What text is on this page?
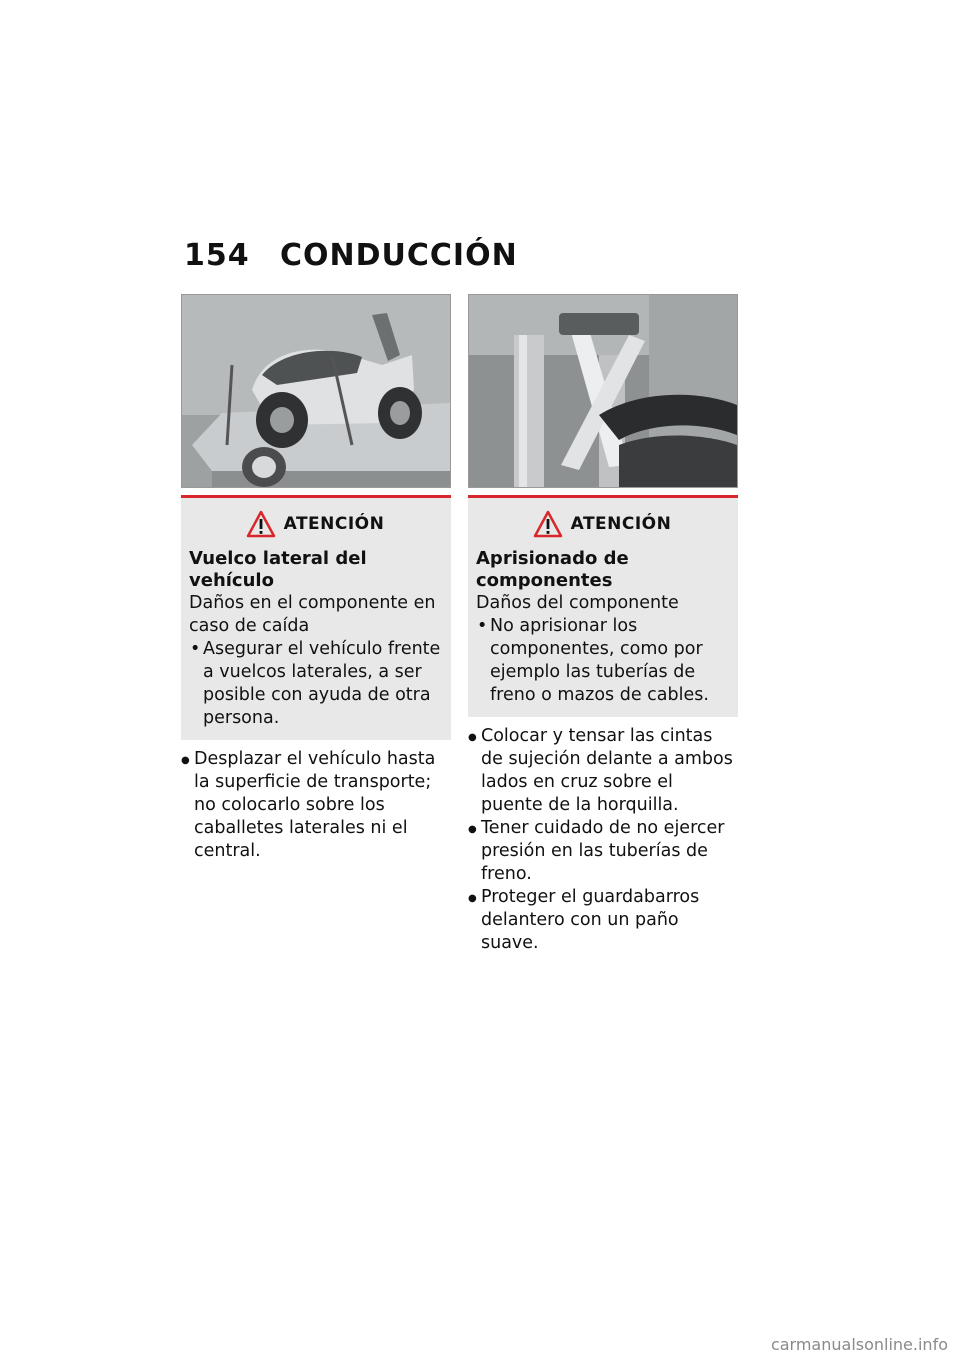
154 CONDUCCIÓN
ATENCIÓN
Vuelco lateral del vehículo
Daños en el componente en caso de caída
• Asegurar el vehículo frente a vuelcos laterales, a ser posible con ayuda de otra persona.
● Desplazar el vehículo hasta la superficie de transporte; no colocarlo sobre los caballetes laterales ni el central.
ATENCIÓN
Aprisionado de componentes
Daños del componente
• No aprisionar los componentes, como por ejemplo las tuberías de freno o mazos de cables.
● Colocar y tensar las cintas de sujeción delante a ambos lados en cruz sobre el puente de la horquilla.
● Tener cuidado de no ejercer presión en las tuberías de freno.
● Proteger el guardabarros delantero con un paño suave.
carmanualsonline.info
